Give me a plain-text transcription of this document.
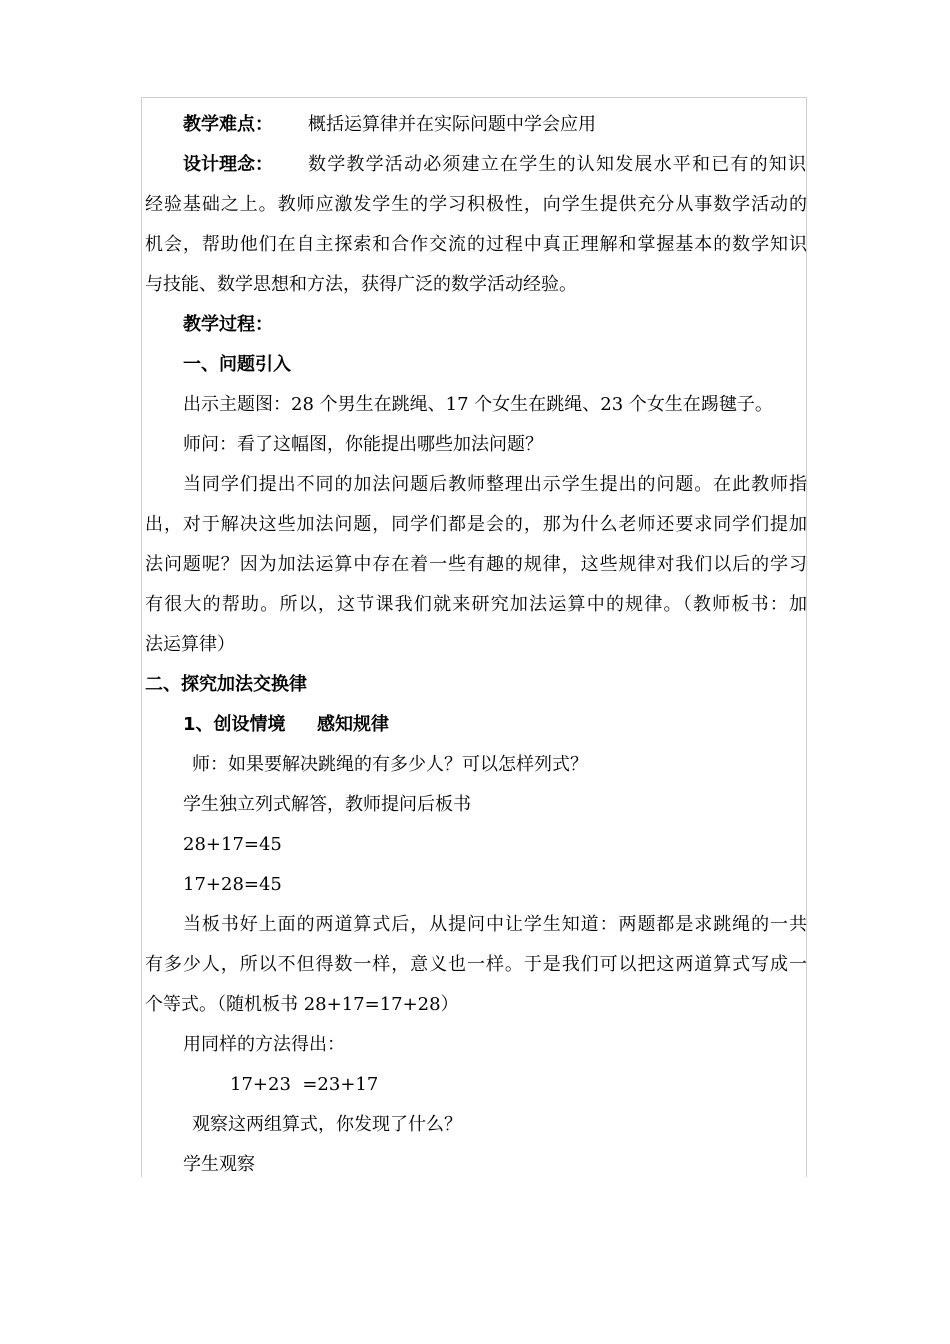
教学难点： 概括运算律并在实际问题中学会应用
设计理念： 数学教学活动必须建立在学生的认知发展水平和已有的知识
经验基础之上。教师应激发学生的学习积极性，向学生提供充分从事数学活动的
机会，帮助他们在自主探索和合作交流的过程中真正理解和掌握基本的数学知识
与技能、数学思想和方法，获得广泛的数学活动经验。
教学过程：
一、问题引入
出示主题图：28 个男生在跳绳、17 个女生在跳绳、23 个女生在踢毽子。
师问：看了这幅图，你能提出哪些加法问题？
当同学们提出不同的加法问题后教师整理出示学生提出的问题。在此教师指
出，对于解决这些加法问题，同学们都是会的，那为什么老师还要求同学们提加
法问题呢？因为加法运算中存在着一些有趣的规律，这些规律对我们以后的学习
有很大的帮助。所以，这节课我们就来研究加法运算中的规律。（教师板书：加
法运算律）
二、探究加法交换律
1、创设情境 感知规律
师：如果要解决跳绳的有多少人？可以怎样列式？
学生独立列式解答，教师提问后板书
28+17=45
17+28=45
当板书好上面的两道算式后，从提问中让学生知道：两题都是求跳绳的一共
有多少人，所以不但得数一样，意义也一样。于是我们可以把这两道算式写成一
个等式。（随机板书 28+17=17+28）
用同样的方法得出：
17+23  =23+17
观察这两组算式，你发现了什么？
学生观察
